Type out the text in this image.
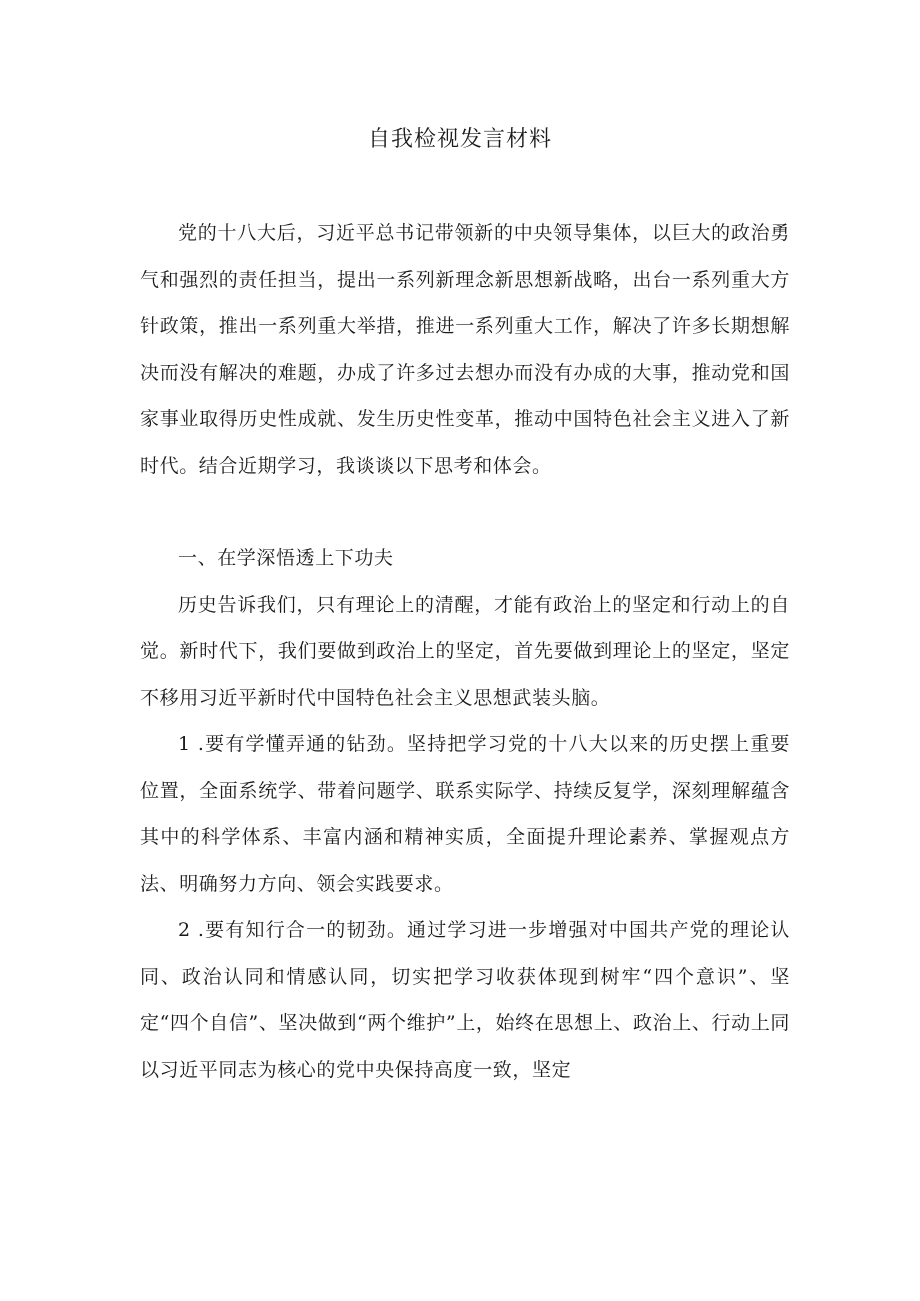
自我检视发言材料

党的十八大后，习近平总书记带领新的中央领导集体，以巨大的政治勇气和强烈的责任担当，提出一系列新理念新思想新战略，出台一系列重大方针政策，推出一系列重大举措，推进一系列重大工作，解决了许多长期想解决而没有解决的难题，办成了许多过去想办而没有办成的大事，推动党和国家事业取得历史性成就、发生历史性变革，推动中国特色社会主义进入了新时代。结合近期学习，我谈谈以下思考和体会。

一、在学深悟透上下功夫

历史告诉我们，只有理论上的清醒，才能有政治上的坚定和行动上的自觉。新时代下，我们要做到政治上的坚定，首先要做到理论上的坚定，坚定不移用习近平新时代中国特色社会主义思想武装头脑。

1 .要有学懂弄通的钻劲。坚持把学习党的十八大以来的历史摆上重要位置，全面系统学、带着问题学、联系实际学、持续反复学，深刻理解蕴含其中的科学体系、丰富内涵和精神实质，全面提升理论素养、掌握观点方法、明确努力方向、领会实践要求。

2 .要有知行合一的韧劲。通过学习进一步增强对中国共产党的理论认同、政治认同和情感认同，切实把学习收获体现到树牢“四个意识”、坚定“四个自信”、坚决做到“两个维护”上，始终在思想上、政治上、行动上同以习近平同志为核心的党中央保持高度一致，坚定
